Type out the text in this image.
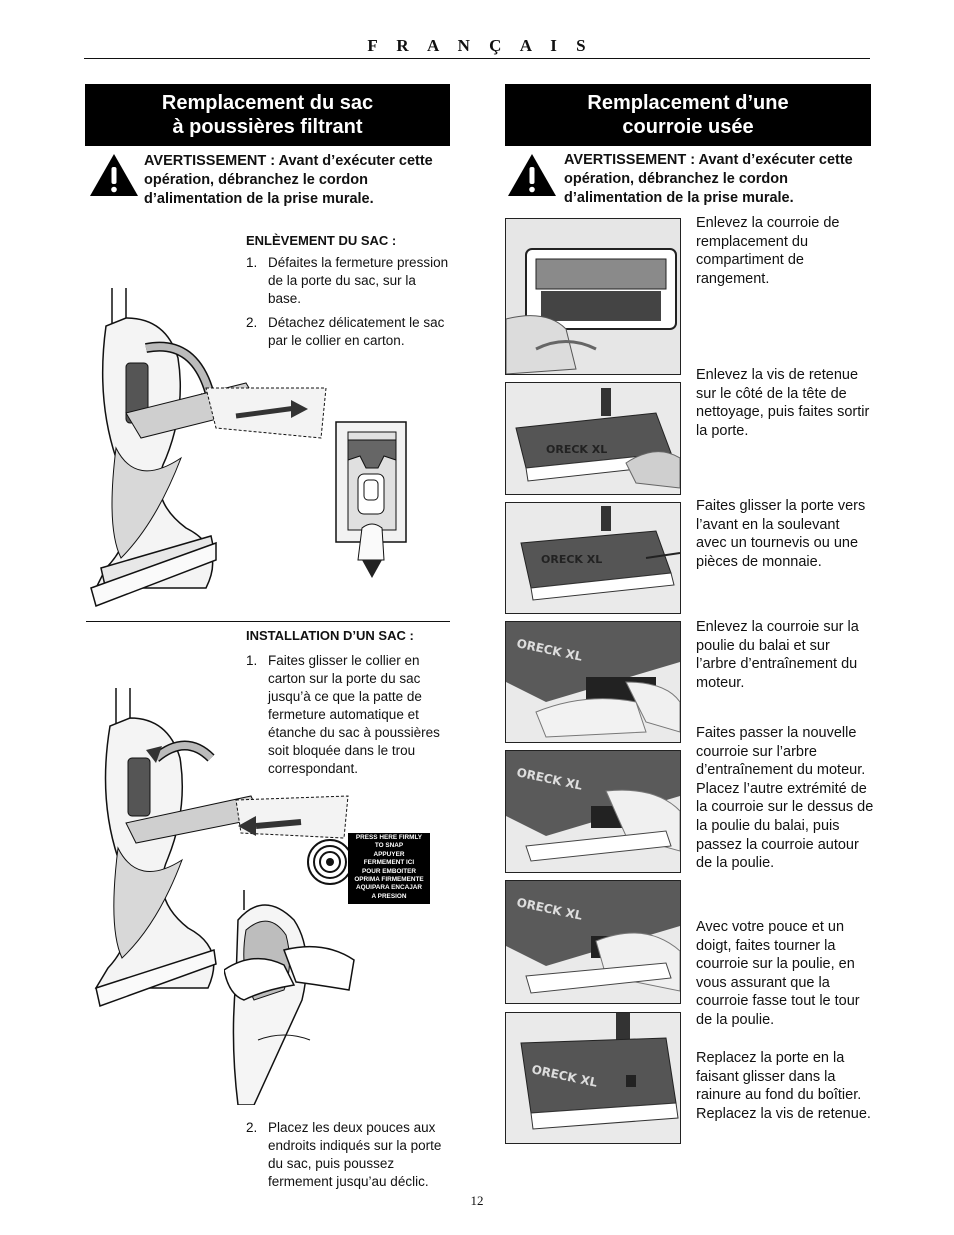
F R A N Ç A I S
Remplacement du sac
à poussières filtrant
AVERTISSEMENT : Avant d’exécuter cette opération, débranchez le cordon d’alimentation de la prise murale.
ENLÈVEMENT DU SAC :
1. Défaites la fermeture pression de la porte du sac, sur la base.
2. Détachez délicatement le sac par le collier en carton.
INSTALLATION D’UN SAC :
1. Faites glisser le collier en carton sur la porte du sac jusqu’à ce que la patte de fermeture automatique et étanche du sac à poussières soit bloquée dans le trou correspondant.
PRESS HERE FIRMLY
TO SNAP
APPUYER
FERMEMENT ICI
POUR EMBOITER
OPRIMA FIRMEMENTE
AQUIPARA ENCAJAR
A PRESION
2. Placez les deux pouces aux endroits indiqués sur la porte du sac, puis poussez fermement jusqu’au déclic.
Remplacement d’une
courroie usée
AVERTISSEMENT : Avant d’exécuter cette opération, débranchez le cordon d’alimentation de la prise murale.
ORECK XL
ORECK XL
ORECK XL
ORECK XL
ORECK XL
ORECK XL
Enlevez la courroie de remplacement du compartiment de rangement.
Enlevez la vis de retenue sur le côté de la tête de nettoyage, puis faites sortir la porte.
Faites glisser la porte vers l’avant en la soulevant avec un tournevis ou une pièces de monnaie.
Enlevez la courroie sur la poulie du balai et sur l’arbre d’entraînement du moteur.
Faites passer la nouvelle courroie sur l’arbre d’entraînement du moteur. Placez l’autre extrémité de la courroie sur le dessus de la poulie du balai, puis passez la courroie autour de la poulie.
Avec votre pouce et un doigt, faites tourner la courroie sur la poulie, en vous assurant que la courroie fasse tout le tour de la poulie.
Replacez la porte en la faisant glisser dans la rainure au fond du boîtier. Replacez la vis de retenue.
12
